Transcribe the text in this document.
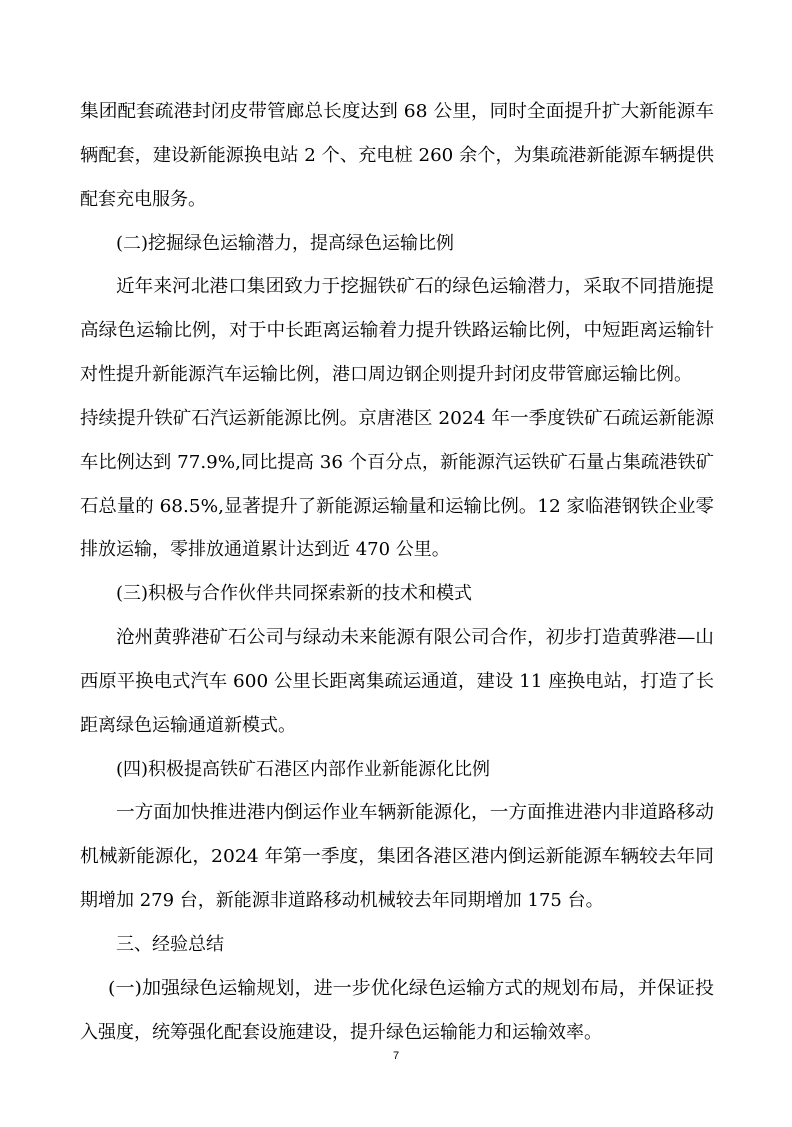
集团配套疏港封闭皮带管廊总长度达到 68 公里，同时全面提升扩大新能源车
辆配套，建设新能源换电站 2 个、充电桩 260 余个，为集疏港新能源车辆提供
配套充电服务。
(二)挖掘绿色运输潜力，提高绿色运输比例
近年来河北港口集团致力于挖掘铁矿石的绿色运输潜力，采取不同措施提
高绿色运输比例，对于中长距离运输着力提升铁路运输比例，中短距离运输针
对性提升新能源汽车运输比例，港口周边钢企则提升封闭皮带管廊运输比例。
持续提升铁矿石汽运新能源比例。京唐港区 2024 年一季度铁矿石疏运新能源
车比例达到 77.9%,同比提高 36 个百分点，新能源汽运铁矿石量占集疏港铁矿
石总量的 68.5%,显著提升了新能源运输量和运输比例。12 家临港钢铁企业零
排放运输，零排放通道累计达到近 470 公里。
(三)积极与合作伙伴共同探索新的技术和模式
沧州黄骅港矿石公司与绿动未来能源有限公司合作，初步打造黄骅港—山
西原平换电式汽车 600 公里长距离集疏运通道，建设 11 座换电站，打造了长
距离绿色运输通道新模式。
(四)积极提高铁矿石港区内部作业新能源化比例
一方面加快推进港内倒运作业车辆新能源化，一方面推进港内非道路移动
机械新能源化，2024 年第一季度，集团各港区港内倒运新能源车辆较去年同
期增加 279 台，新能源非道路移动机械较去年同期增加 175 台。
三、经验总结
(一)加强绿色运输规划，进一步优化绿色运输方式的规划布局，并保证投
入强度，统筹强化配套设施建设，提升绿色运输能力和运输效率。
7
